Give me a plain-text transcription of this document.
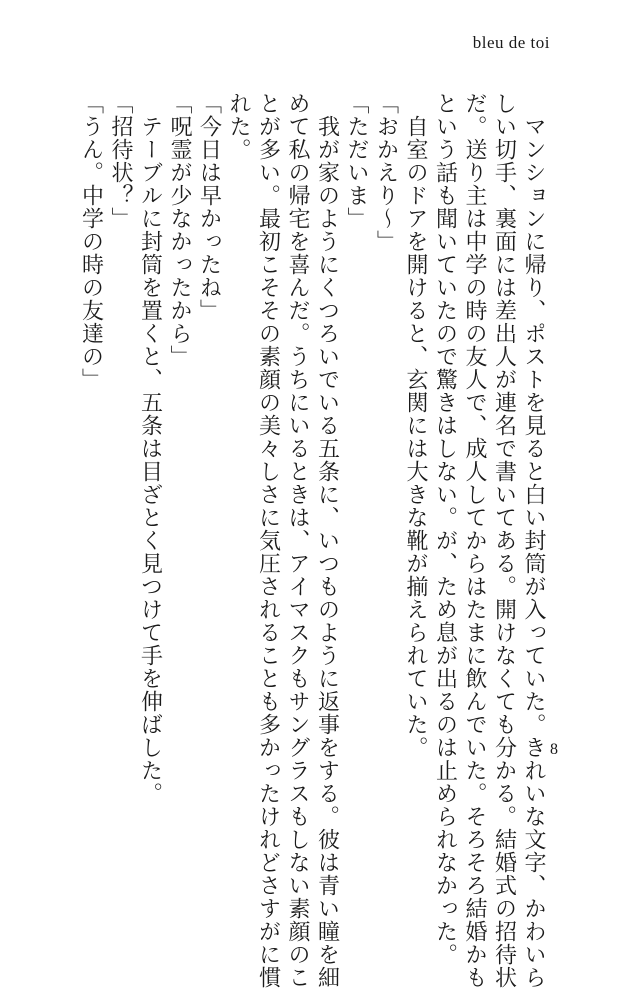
bleu de toi

　マンションに帰り、ポストを見ると白い封筒が入っていた。きれいな文字、かわいら

しい切手、裏面には差出人が連名で書いてある。開けなくても分かる。結婚式の招待状

だ。送り主は中学の時の友人で、成人してからはたまに飲んでいた。そろそろ結婚かも

という話も聞いていたので驚きはしない。が、ため息が出るのは止められなかった。

　自室のドアを開けると、玄関には大きな靴が揃えられていた。

「おかえり～」

「ただいま」

　我が家のようにくつろいでいる五条に、いつものように返事をする。彼は青い瞳を細

めて私の帰宅を喜んだ。うちにいるときは、アイマスクもサングラスもしない素顔のこ

とが多い。最初こそその素顔の美々しさに気圧されることも多かったけれどさすがに慣

れた。

「今日は早かったね」

「呪霊が少なかったから」

　テーブルに封筒を置くと、五条は目ざとく見つけて手を伸ばした。

「招待状？」

「うん。中学の時の友達の」

8
